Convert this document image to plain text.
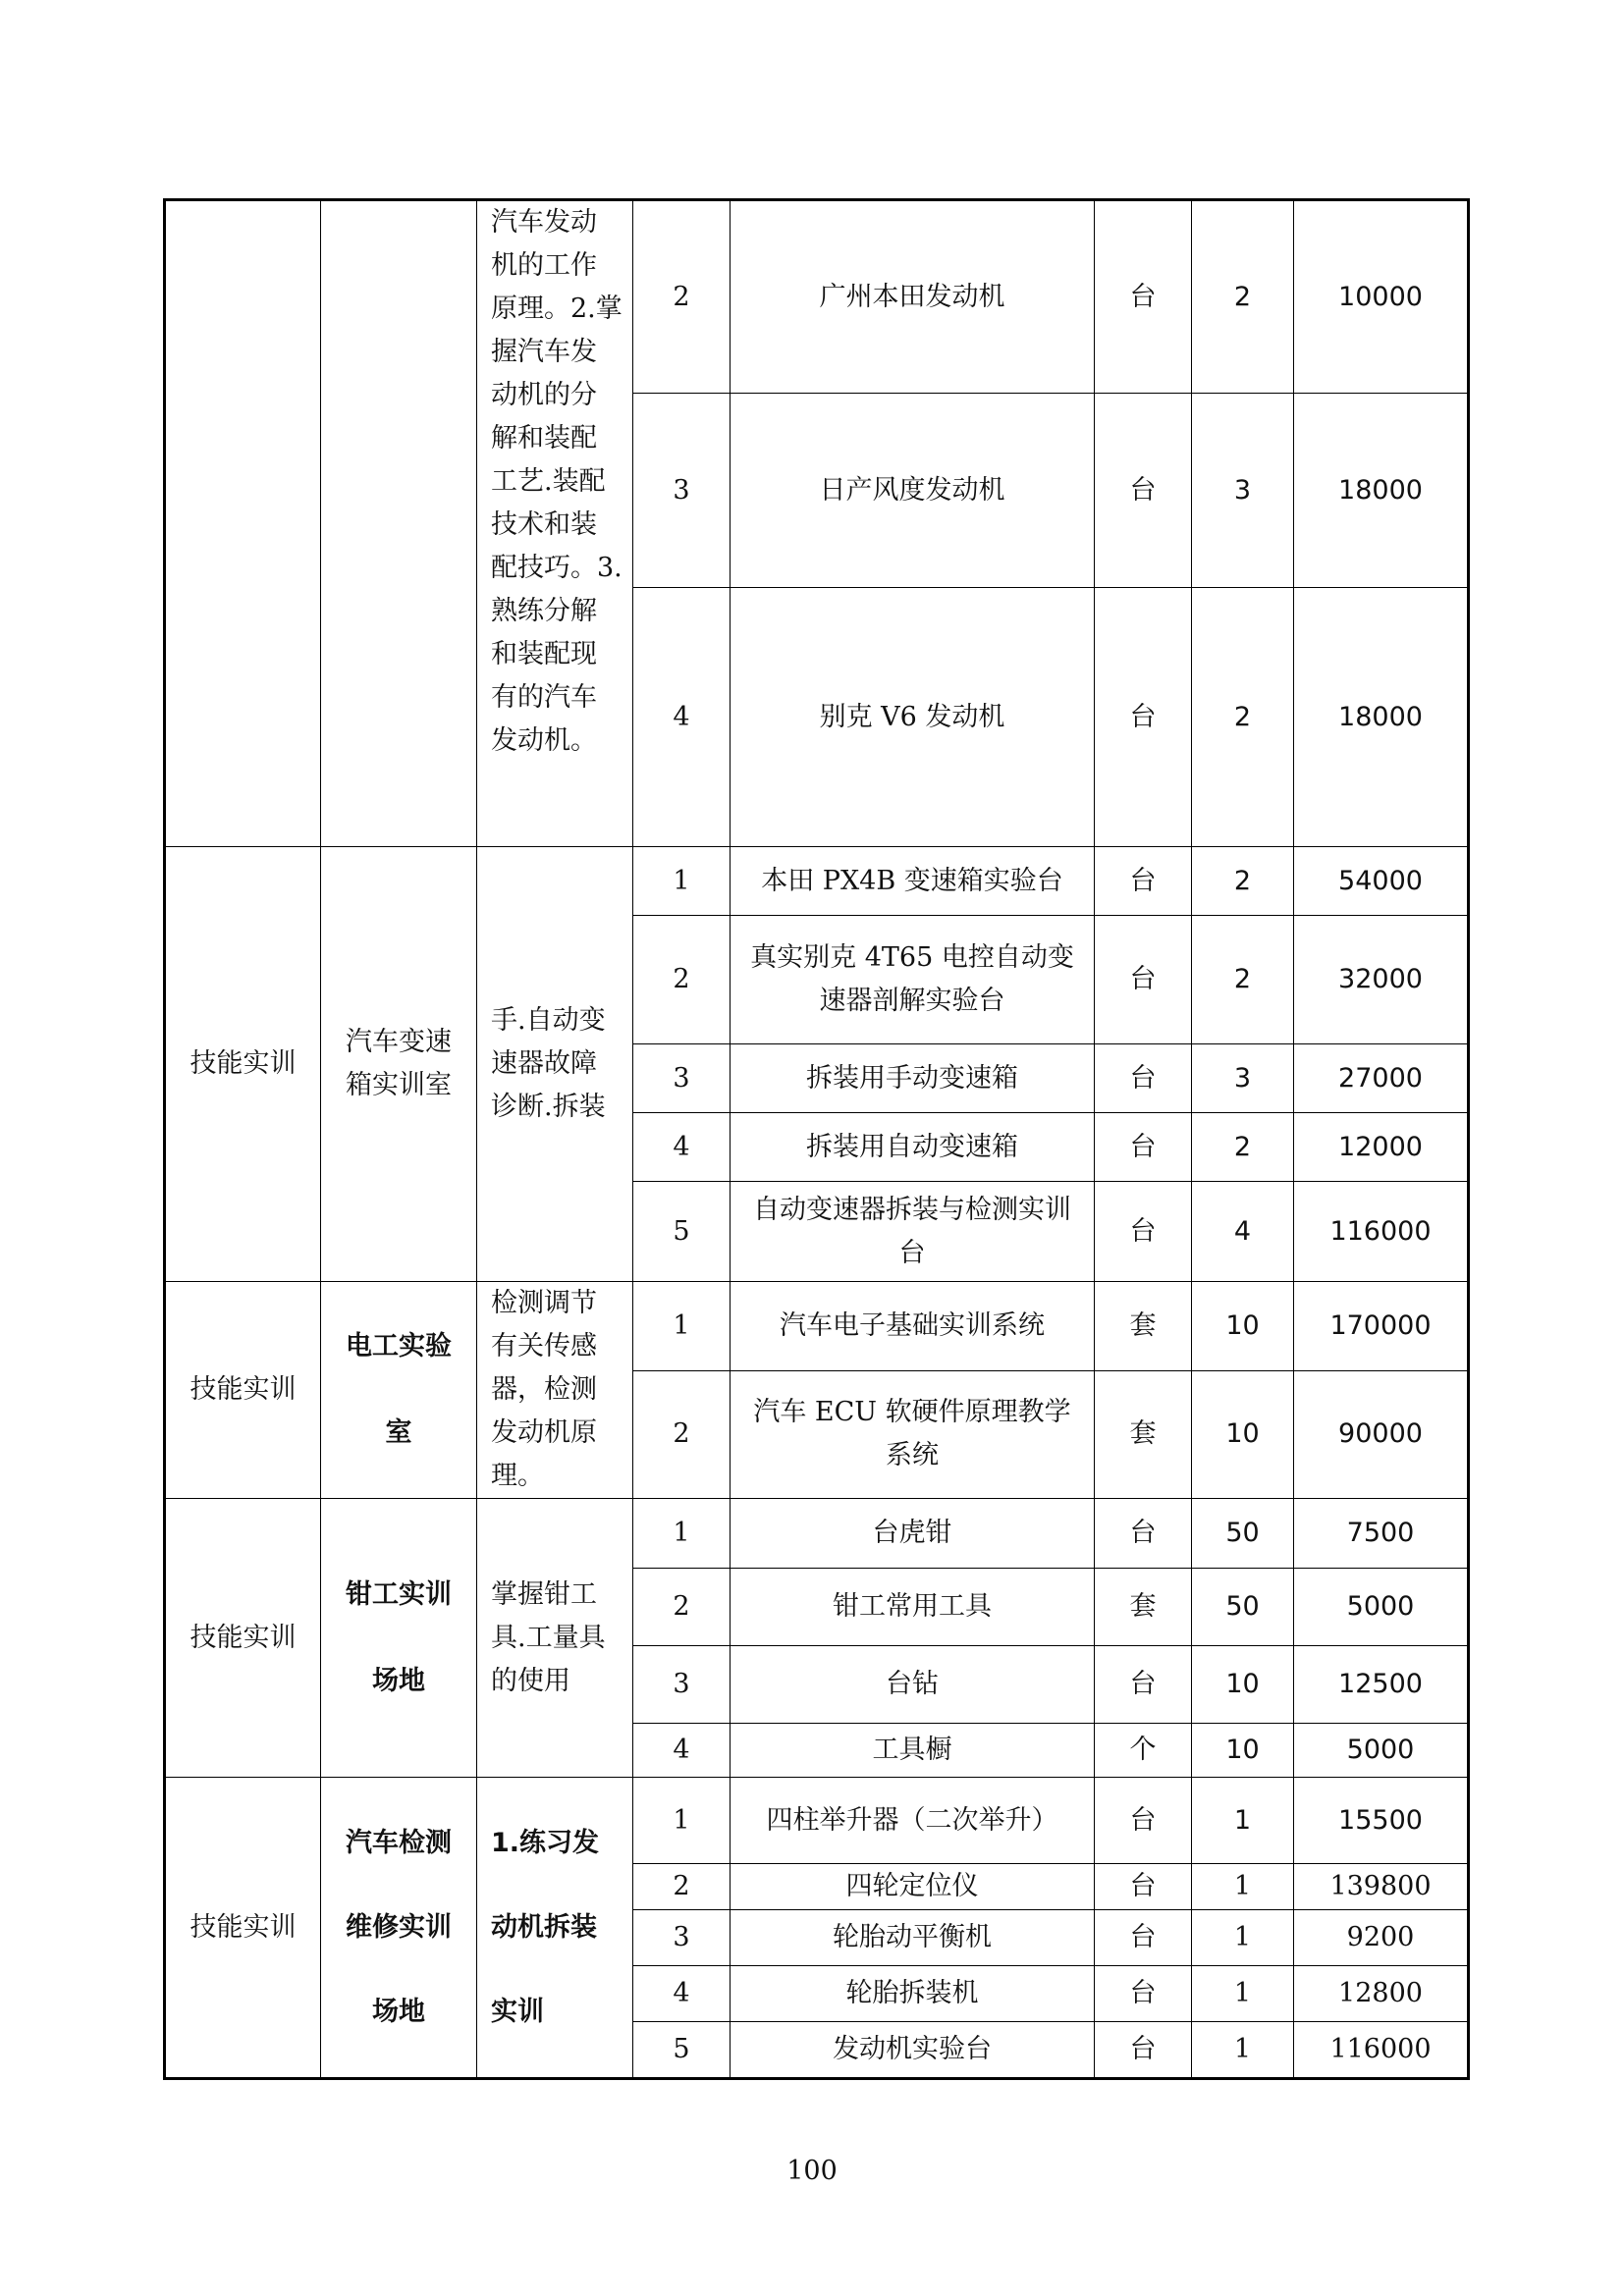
		汽车发动机的工作原理。2.掌握汽车发动机的分解和装配工艺.装配技术和装配技巧。3.熟练分解和装配现有的汽车发动机。	2	广州本田发动机	台	2	10000
			3	日产风度发动机	台	3	18000
			4	别克 V6 发动机	台	2	18000
技能实训	汽车变速箱实训室	手.自动变速器故障诊断.拆装	1	本田 PX4B 变速箱实验台	台	2	54000
			2	真实别克 4T65 电控自动变速器剖解实验台	台	2	32000
			3	拆装用手动变速箱	台	3	27000
			4	拆装用自动变速箱	台	2	12000
			5	自动变速器拆装与检测实训台	台	4	116000
技能实训	电工实验室	检测调节有关传感器，检测发动机原理。	1	汽车电子基础实训系统	套	10	170000
			2	汽车 ECU 软硬件原理教学系统	套	10	90000
技能实训	钳工实训场地	掌握钳工具.工量具的使用	1	台虎钳	台	50	7500
			2	钳工常用工具	套	50	5000
			3	台钻	台	10	12500
			4	工具橱	个	10	5000
技能实训	汽车检测维修实训场地	1.练习发动机拆装实训	1	四柱举升器（二次举升）	台	1	15500
			2	四轮定位仪	台	1	139800
			3	轮胎动平衡机	台	1	9200
			4	轮胎拆装机	台	1	12800
			5	发动机实验台	台	1	116000
100
